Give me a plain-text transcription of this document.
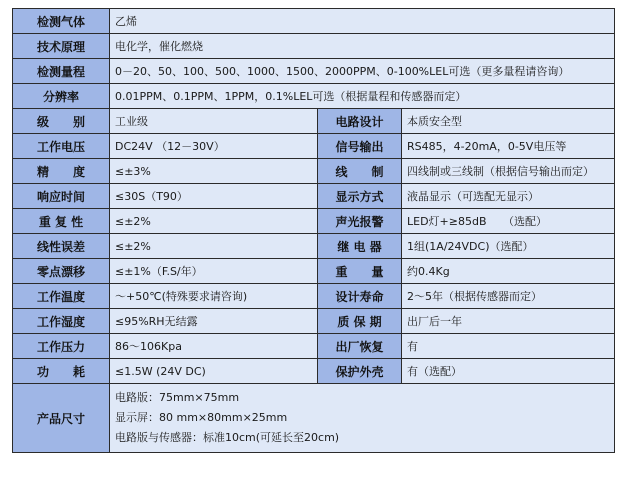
检测气体	乙烯		
技术原理	电化学，催化燃烧		
检测量程	0－20、50、100、500、1000、1500、2000PPM、0-100%LEL可选（更多量程请咨询）		
分辨率	0.01PPM、0.1PPM、1PPM，0.1%LEL可选（根据量程和传感器而定）		
级　　别	工业级	电路设计	本质安全型
工作电压	DC24V （12－30V）	信号输出	RS485，4-20mA，0-5V电压等
精　　度	≤±3%	线　　制	四线制或三线制（根据信号输出而定）
响应时间	≤30S（T90）	显示方式	液晶显示（可选配无显示）
重 复 性	≤±2%	声光报警	LED灯+≥85dB　　（选配）
线性误差	≤±2%	继 电 器	1组(1A/24VDC)（选配）
零点漂移	≤±1%（F.S/年）	重　　量	约0.4Kg
工作温度	～+50℃(特殊要求请咨询)	设计寿命	2～5年（根据传感器而定）
工作湿度	≤95%RH无结露	质 保 期	出厂后一年
工作压力	86～106Kpa	出厂恢复	有
功　　耗	≤1.5W (24V DC)	保护外壳	有（选配）
产品尺寸	电路版：75mm×75mm
显示屏：80 mm×80mm×25mm
电路版与传感器：标准10cm(可延长至20cm)		
